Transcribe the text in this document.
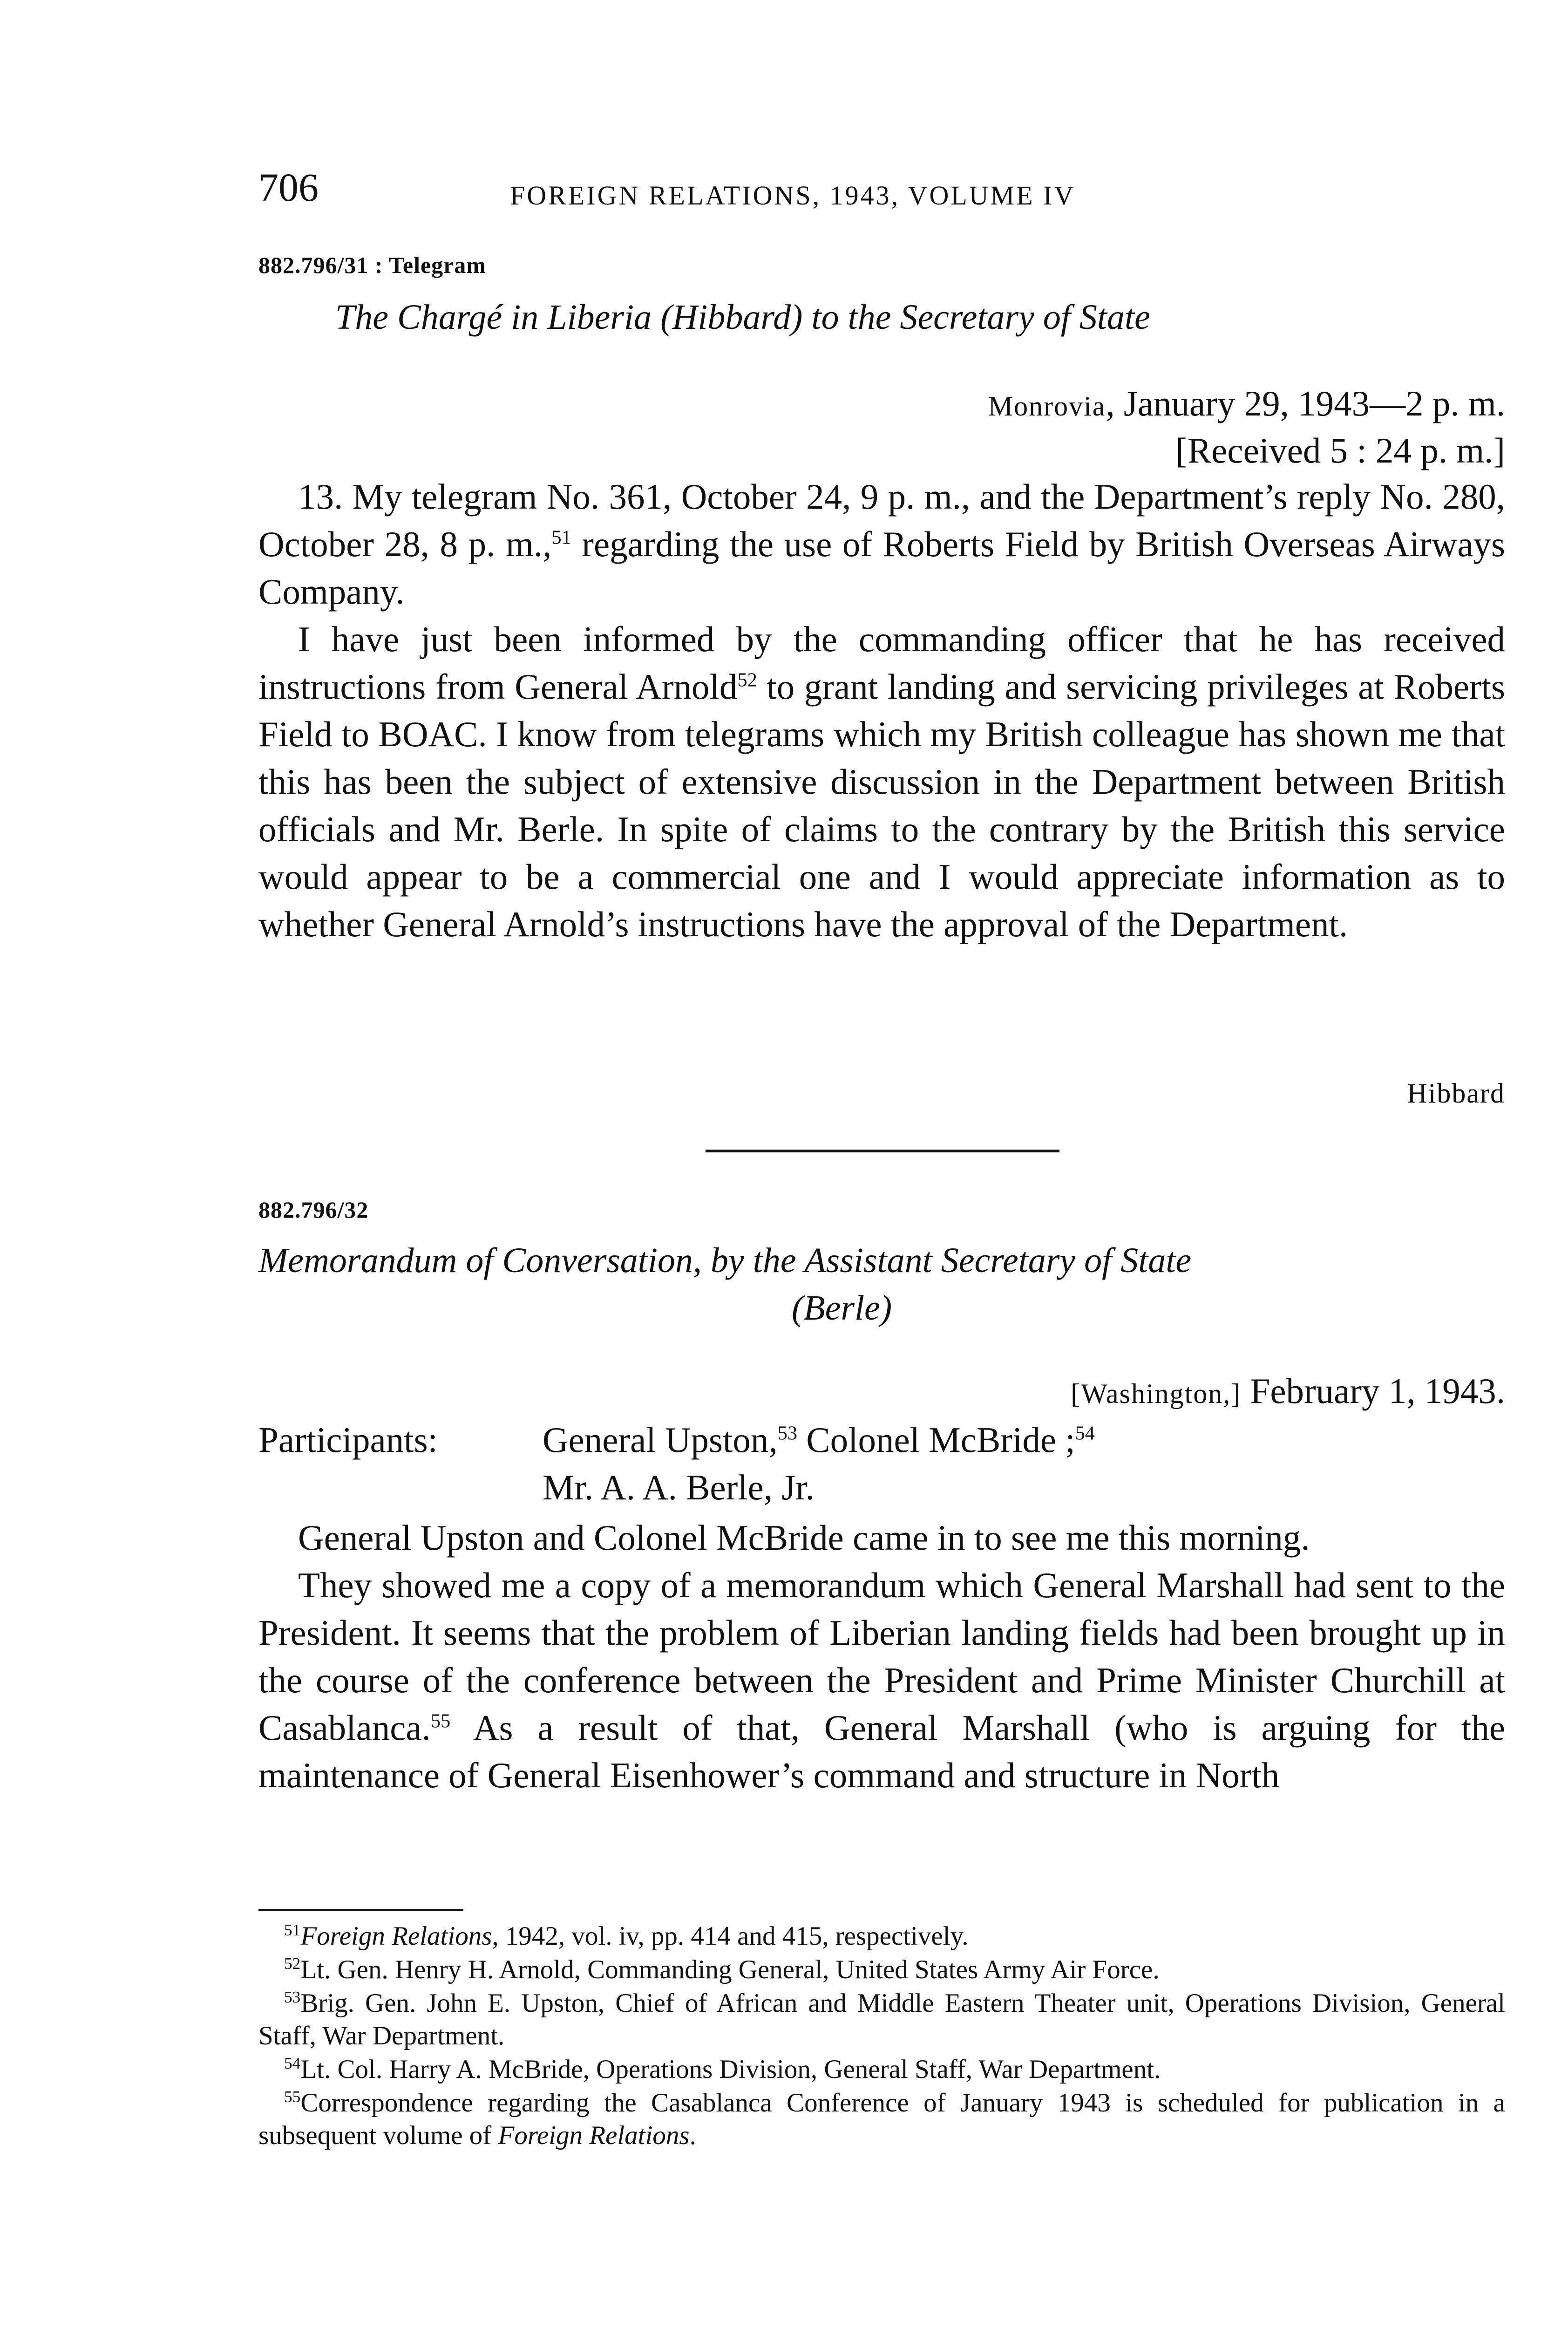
706	FOREIGN RELATIONS, 1943, VOLUME IV
882.796/31 : Telegram
The Chargé in Liberia (Hibbard) to the Secretary of State
Monrovia, January 29, 1943—2 p. m.
[Received 5 : 24 p. m.]

13. My telegram No. 361, October 24, 9 p. m., and the Department’s reply No. 280, October 28, 8 p. m.,$^{51}$ regarding the use of Roberts Field by British Overseas Airways Company.

I have just been informed by the commanding officer that he has received instructions from General Arnold$^{52}$ to grant landing and servicing privileges at Roberts Field to BOAC. I know from telegrams which my British colleague has shown me that this has been the subject of extensive discussion in the Department between British officials and Mr. Berle. In spite of claims to the contrary by the British this service would appear to be a commercial one and I would appreciate information as to whether General Arnold’s instructions have the approval of the Department.

Hibbard
882.796/32
Memorandum of Conversation, by the Assistant Secretary of State
(Berle)
[Washington,] February 1, 1943.
Participants:	General Upston,$^{53}$ Colonel McBride ;$^{54}$
Mr. A. A. Berle, Jr.

General Upston and Colonel McBride came in to see me this morning.

They showed me a copy of a memorandum which General Marshall had sent to the President. It seems that the problem of Liberian landing fields had been brought up in the course of the conference between the President and Prime Minister Churchill at Casablanca.$^{55}$ As a result of that, General Marshall (who is arguing for the maintenance of General Eisenhower’s command and structure in North

$^{51}$Foreign Relations, 1942, vol. iv, pp. 414 and 415, respectively.

$^{52}$Lt. Gen. Henry H. Arnold, Commanding General, United States Army Air Force.

$^{53}$Brig. Gen. John E. Upston, Chief of African and Middle Eastern Theater unit, Operations Division, General Staff, War Department.

$^{54}$Lt. Col. Harry A. McBride, Operations Division, General Staff, War Department.

$^{55}$Correspondence regarding the Casablanca Conference of January 1943 is scheduled for publication in a subsequent volume of Foreign Relations.
